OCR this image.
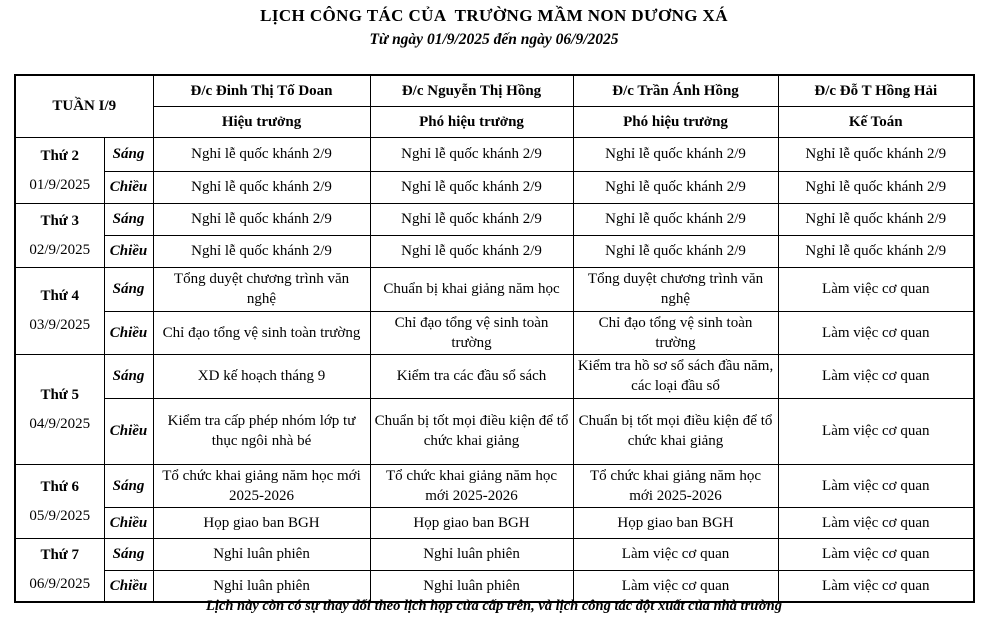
LỊCH CÔNG TÁC CỦA  TRƯỜNG MẦM NON DƯƠNG XÁ
Từ ngày 01/9/2025 đến ngày 06/9/2025
TUẦN I/9		Đ/c Đinh Thị Tố Doan	Đ/c Nguyễn Thị Hồng	Đ/c Trần Ánh Hồng	Đ/c Đỗ T Hồng Hải
		Hiệu trưởng	Phó hiệu trưởng	Phó hiệu trưởng	Kế Toán

Thứ 2
01/9/2025	Sáng	Nghỉ lễ quốc khánh 2/9	Nghỉ lễ quốc khánh 2/9	Nghỉ lễ quốc khánh 2/9	Nghỉ lễ quốc khánh 2/9
	Chiều	Nghỉ lễ quốc khánh 2/9	Nghỉ lễ quốc khánh 2/9	Nghỉ lễ quốc khánh 2/9	Nghỉ lễ quốc khánh 2/9

Thứ 3
02/9/2025	Sáng	Nghỉ lễ quốc khánh 2/9	Nghỉ lễ quốc khánh 2/9	Nghỉ lễ quốc khánh 2/9	Nghỉ lễ quốc khánh 2/9
	Chiều	Nghỉ lễ quốc khánh 2/9	Nghỉ lễ quốc khánh 2/9	Nghỉ lễ quốc khánh 2/9	Nghỉ lễ quốc khánh 2/9

Thứ 4
03/9/2025	Sáng	Tổng duyệt chương trình văn nghệ	Chuẩn bị khai giảng năm học	Tổng duyệt chương trình văn nghệ	Làm việc cơ quan
	Chiều	Chỉ đạo tổng vệ sinh toàn trường	Chỉ đạo tổng vệ sinh toàn trường	Chỉ đạo tổng vệ sinh toàn trường	Làm việc cơ quan

Thứ 5
04/9/2025	Sáng	XD kế hoạch tháng 9	Kiểm tra các đầu sổ sách	Kiểm tra hồ sơ sổ sách đầu năm, các loại đầu sổ	Làm việc cơ quan
	Chiều	Kiểm tra cấp phép nhóm lớp tư thục ngôi nhà bé	Chuẩn bị tốt mọi điều kiện để tổ chức khai giảng	Chuẩn bị tốt mọi điều kiện để tổ chức khai giảng	Làm việc cơ quan

Thứ 6
05/9/2025	Sáng	Tổ chức khai giảng năm học mới 2025-2026	Tổ chức khai giảng năm học mới 2025-2026	Tổ chức khai giảng năm học mới 2025-2026	Làm việc cơ quan
	Chiều	Họp giao ban BGH	Họp giao ban BGH	Họp giao ban BGH	Làm việc cơ quan

Thứ 7
06/9/2025	Sáng	Nghỉ luân phiên	Nghỉ luân phiên	Làm việc cơ quan	Làm việc cơ quan
	Chiều	Nghỉ luân phiên	Nghỉ luân phiên	Làm việc cơ quan	Làm việc cơ quan
Lịch này còn có sự thay đổi theo lịch họp cửa cấp trên, và lịch công tác đột xuất của nhà trường
